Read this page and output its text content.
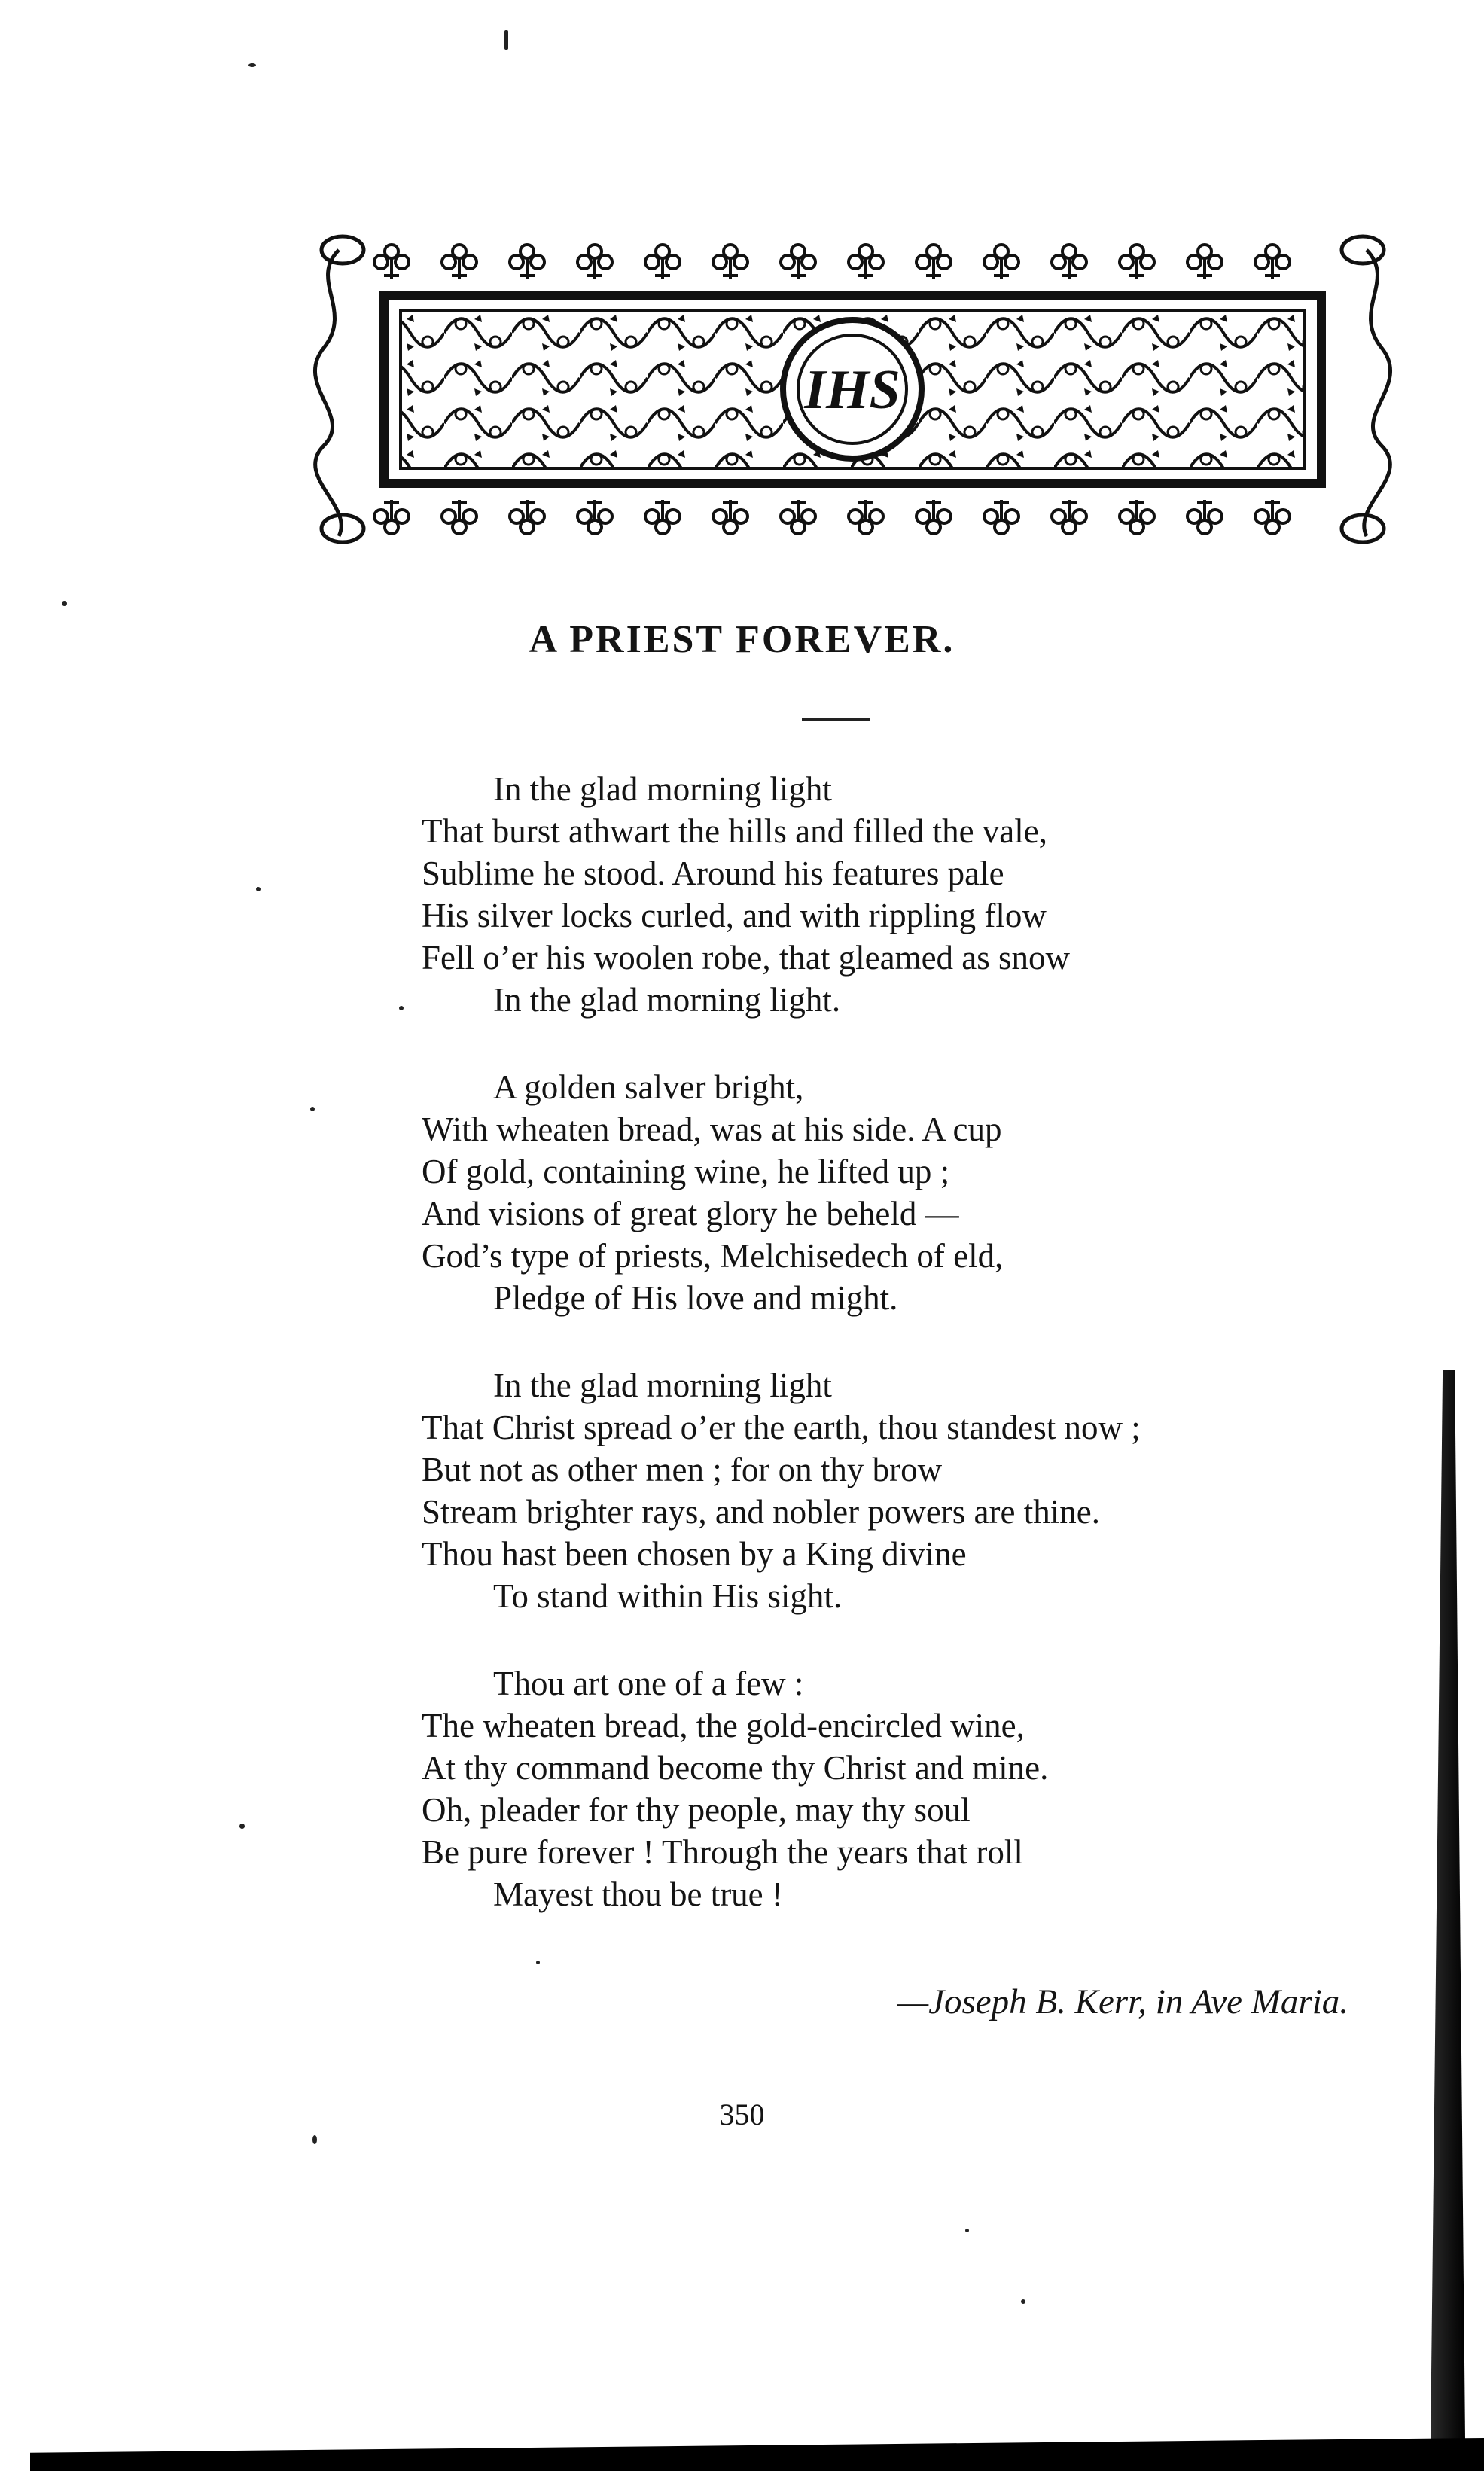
IHS
A PRIEST FOREVER.
In the glad morning light
That burst athwart the hills and filled the vale,
Sublime he stood. Around his features pale
His silver locks curled, and with rippling flow
Fell o’er his woolen robe, that gleamed as snow
In the glad morning light.
A golden salver bright,
With wheaten bread, was at his side. A cup
Of gold, containing wine, he lifted up ;
And visions of great glory he beheld —
God’s type of priests, Melchisedech of eld,
Pledge of His love and might.
In the glad morning light
That Christ spread o’er the earth, thou standest now ;
But not as other men ; for on thy brow
Stream brighter rays, and nobler powers are thine.
Thou hast been chosen by a King divine
To stand within His sight.
Thou art one of a few :
The wheaten bread, the gold-encircled wine,
At thy command become thy Christ and mine.
Oh, pleader for thy people, may thy soul
Be pure forever ! Through the years that roll
Mayest thou be true !
—Joseph B. Kerr, in Ave Maria.
350
